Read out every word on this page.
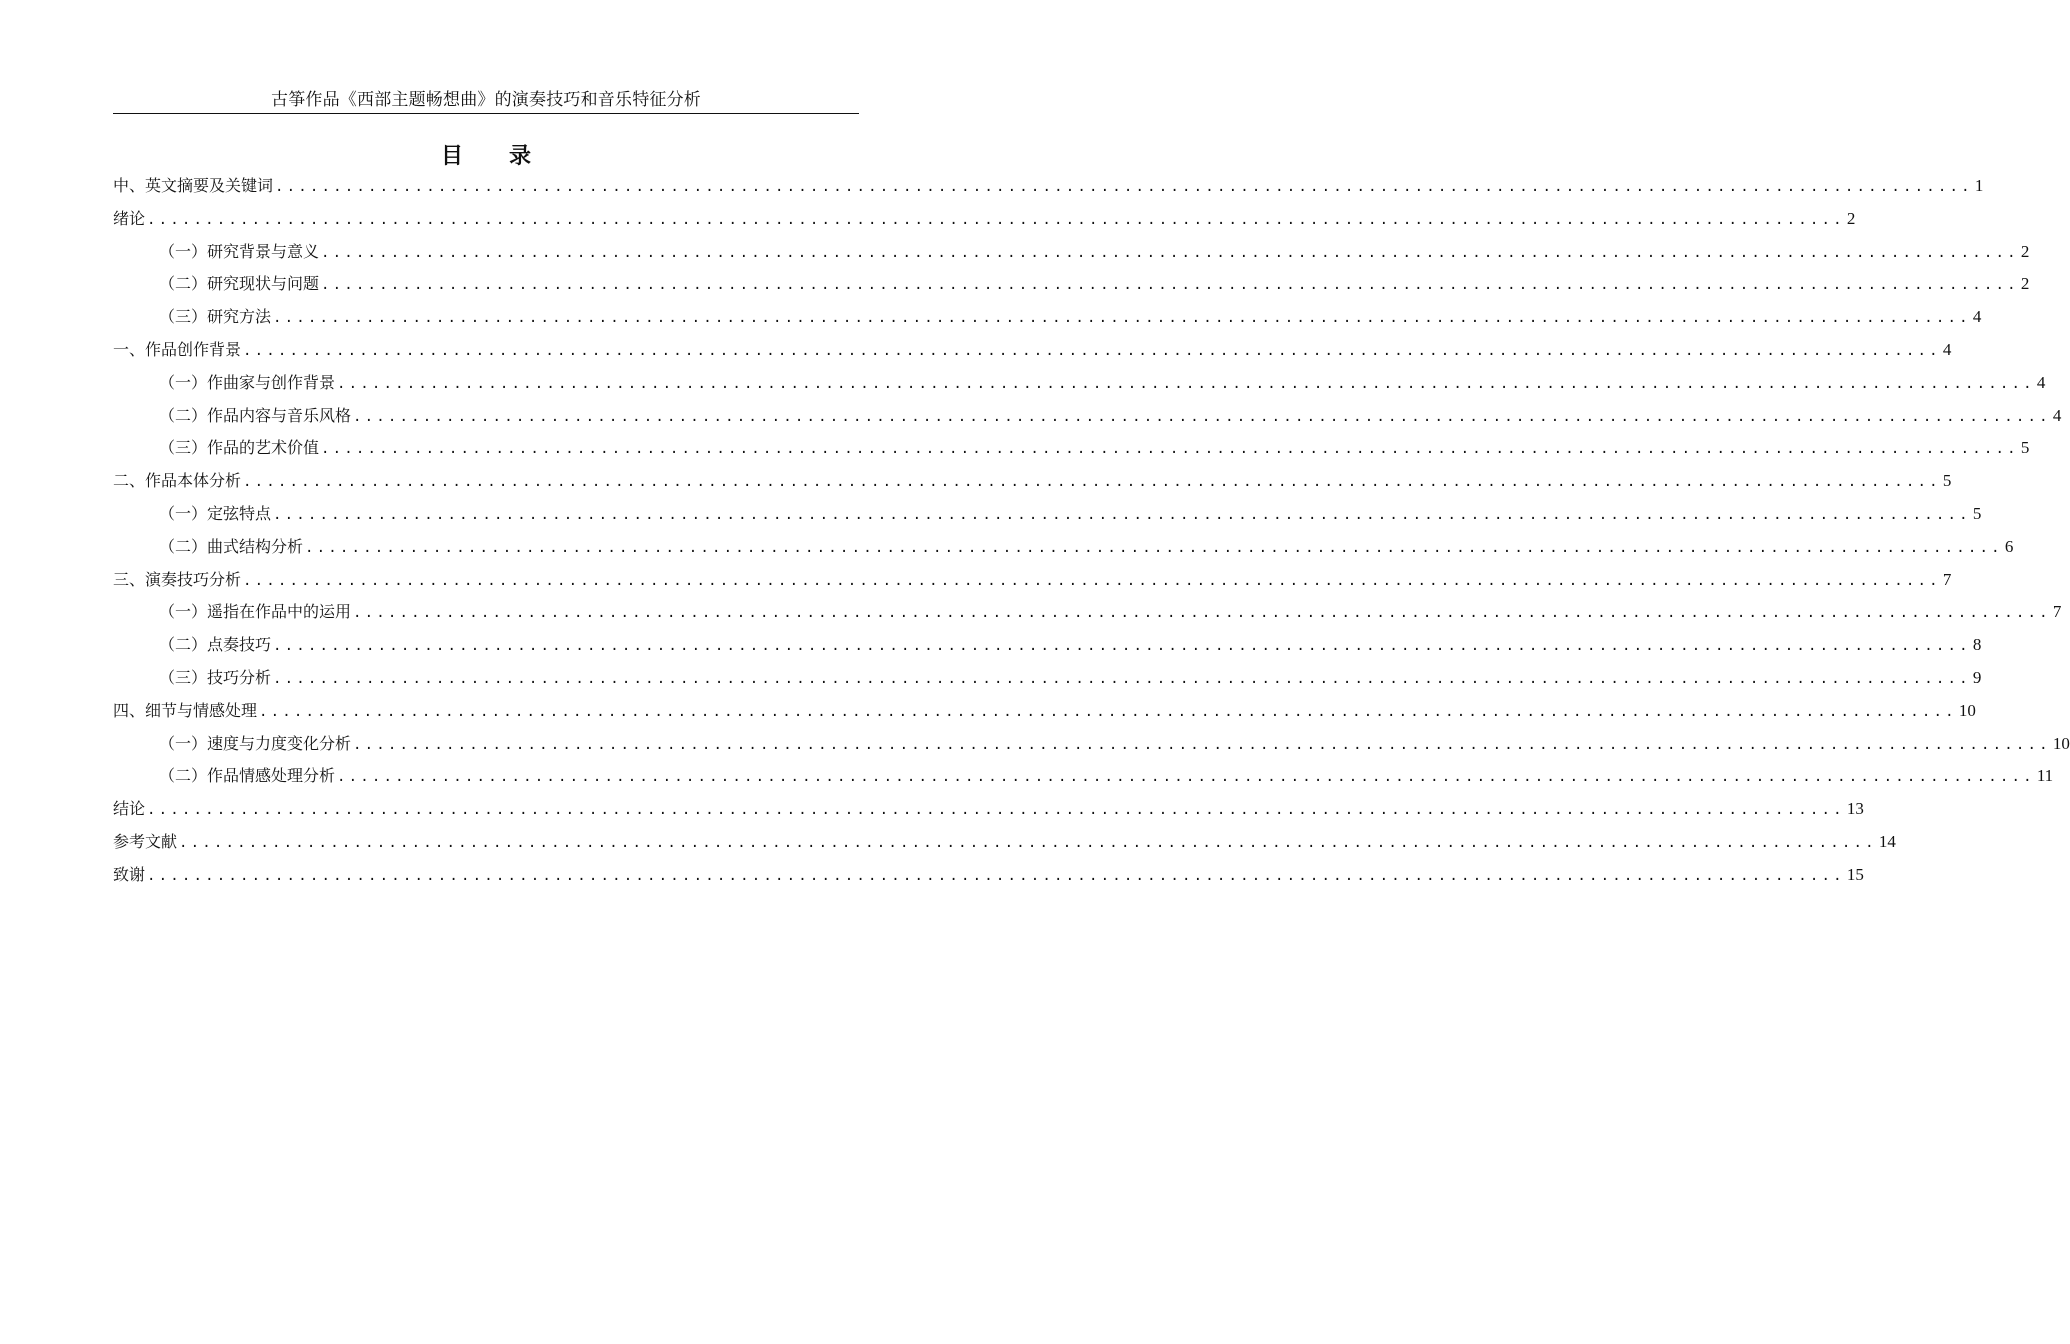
古筝作品《西部主题畅想曲》的演奏技巧和音乐特征分析
目 录
中、英文摘要及关键词 .................................................................................................................................................. 1
绪论 .................................................................................................................................................. 2
（一）研究背景与意义 .................................................................................................................................................. 2
（二）研究现状与问题 .................................................................................................................................................. 2
（三）研究方法 .................................................................................................................................................. 4
一、作品创作背景 .................................................................................................................................................. 4
（一）作曲家与创作背景 .................................................................................................................................................. 4
（二）作品内容与音乐风格 .................................................................................................................................................. 4
（三）作品的艺术价值 .................................................................................................................................................. 5
二、作品本体分析 .................................................................................................................................................. 5
（一）定弦特点 .................................................................................................................................................. 5
（二）曲式结构分析 .................................................................................................................................................. 6
三、演奏技巧分析 .................................................................................................................................................. 7
（一）遥指在作品中的运用 .................................................................................................................................................. 7
（二）点奏技巧 .................................................................................................................................................. 8
（三）技巧分析 .................................................................................................................................................. 9
四、细节与情感处理 .................................................................................................................................................. 10
（一）速度与力度变化分析 .................................................................................................................................................. 10
（二）作品情感处理分析 .................................................................................................................................................. 11
结论 .................................................................................................................................................. 13
参考文献 .................................................................................................................................................. 14
致谢 .................................................................................................................................................. 15
